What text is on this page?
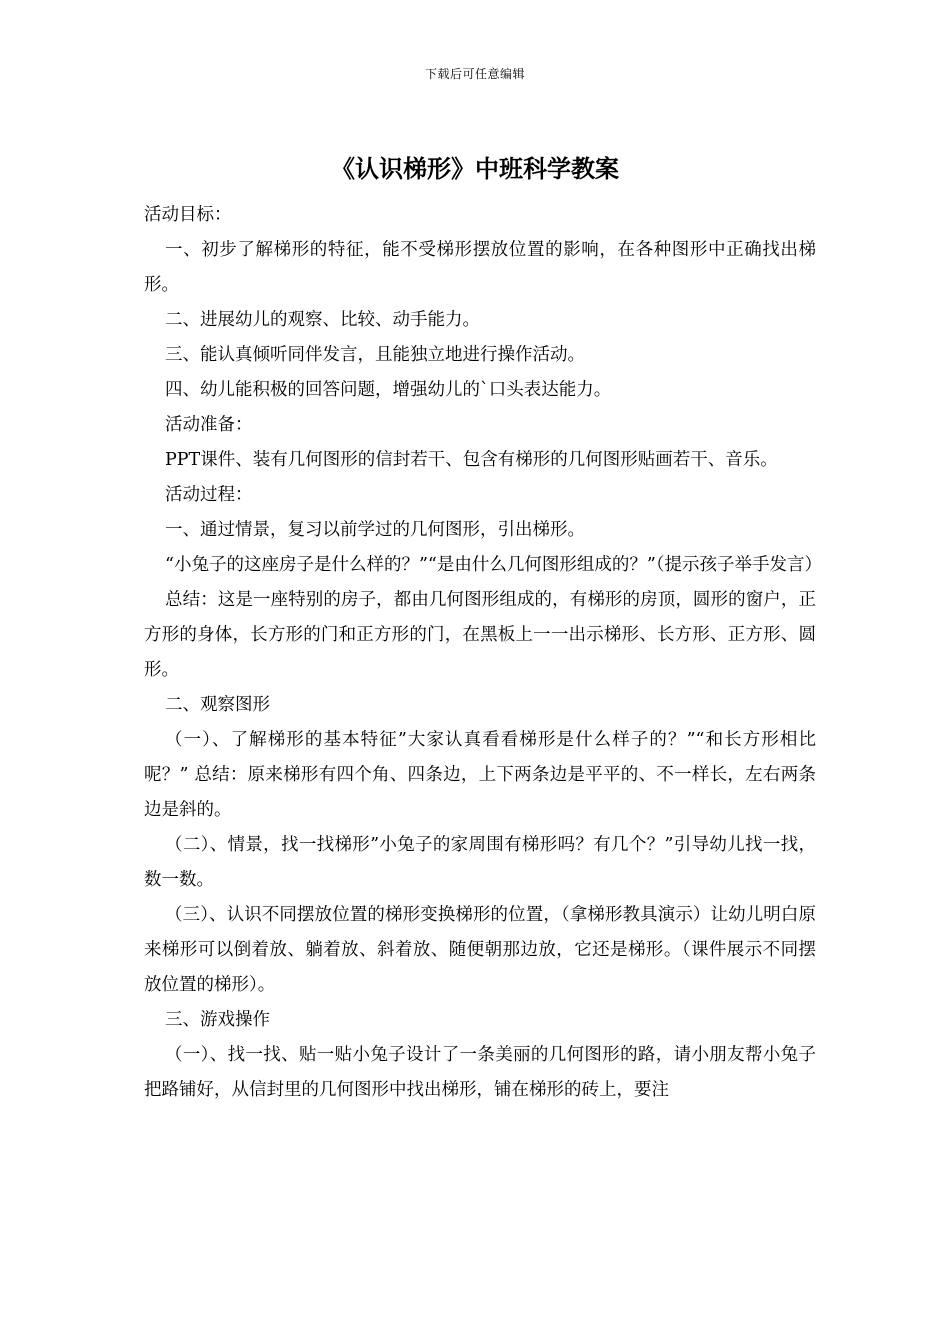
下载后可任意编辑
《认识梯形》中班科学教案

活动目标：

一、初步了解梯形的特征，能不受梯形摆放位置的影响，在各种图形中正确找出梯形。

二、进展幼儿的观察、比较、动手能力。

三、能认真倾听同伴发言，且能独立地进行操作活动。

四、幼儿能积极的回答问题，增强幼儿的`口头表达能力。

活动准备：

PPT课件、装有几何图形的信封若干、包含有梯形的几何图形贴画若干、音乐。

活动过程：

一、通过情景，复习以前学过的几何图形，引出梯形。

“小兔子的这座房子是什么样的？”“是由什么几何图形组成的？”（提示孩子举手发言）

总结：这是一座特别的房子，都由几何图形组成的，有梯形的房顶，圆形的窗户，正方形的身体，长方形的门和正方形的门，在黑板上一一出示梯形、长方形、正方形、圆形。

二、观察图形

（一）、了解梯形的基本特征”大家认真看看梯形是什么样子的？”“和长方形相比呢？” 总结：原来梯形有四个角、四条边，上下两条边是平平的、不一样长，左右两条边是斜的。

（二）、情景，找一找梯形”小兔子的家周围有梯形吗？有几个？”引导幼儿找一找，数一数。

（三）、认识不同摆放位置的梯形变换梯形的位置，（拿梯形教具演示）让幼儿明白原来梯形可以倒着放、躺着放、斜着放、随便朝那边放，它还是梯形。（课件展示不同摆放位置的梯形）。

三、游戏操作

（一）、找一找、贴一贴小兔子设计了一条美丽的几何图形的路，请小朋友帮小兔子把路铺好，从信封里的几何图形中找出梯形，铺在梯形的砖上，要注
